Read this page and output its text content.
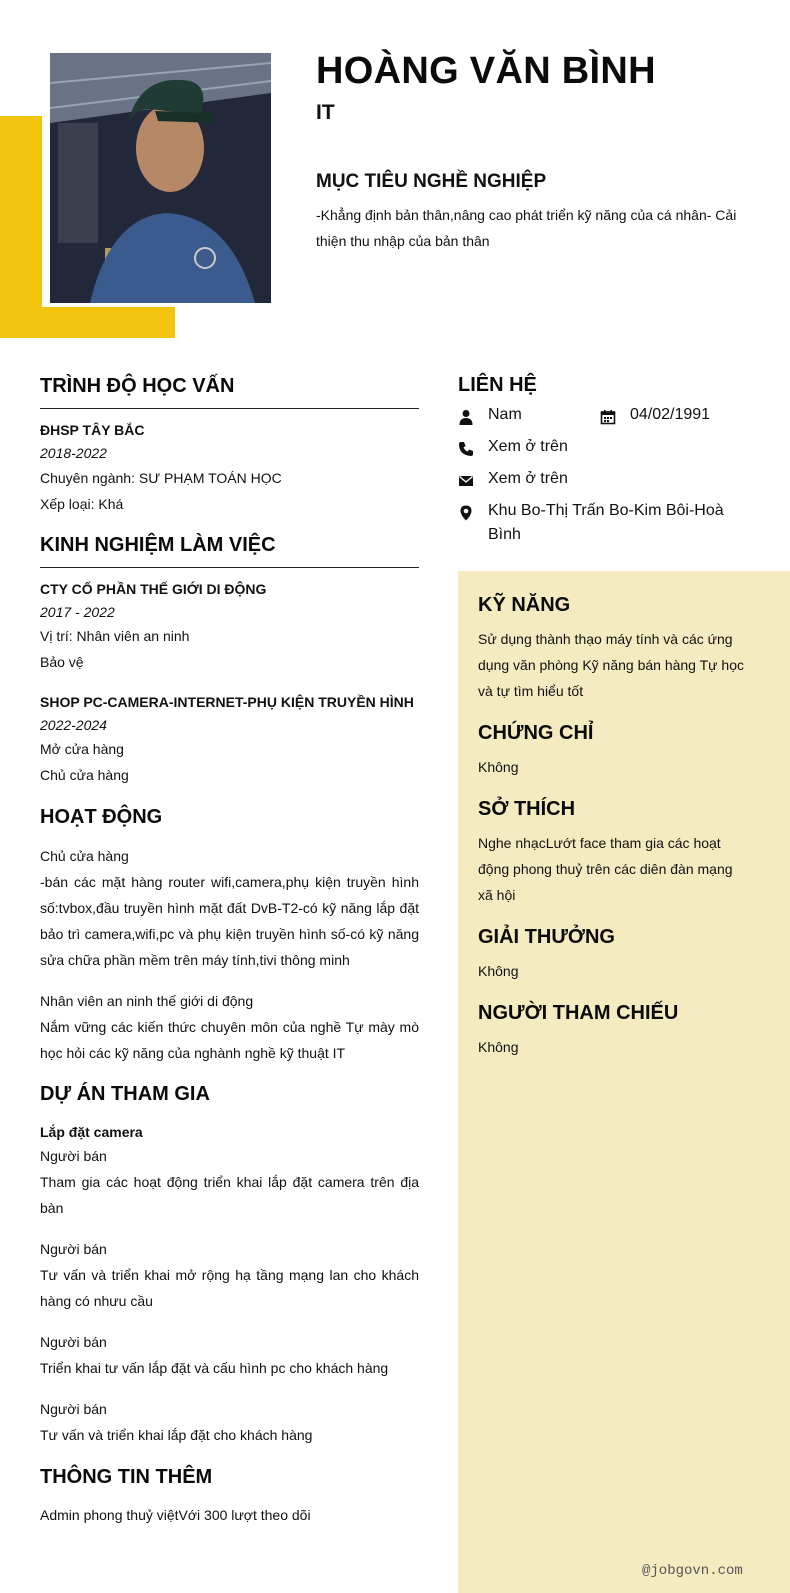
HOÀNG VĂN BÌNH
IT
MỤC TIÊU NGHỀ NGHIỆP

-Khẳng định bản thân,nâng cao phát triển kỹ năng của cá nhân- Cải thiện thu nhập của bản thân

TRÌNH ĐỘ HỌC VẤN

ĐHSP TÂY BẮC

2018-2022

Chuyên ngành: SƯ PHẠM TOÁN HỌC

Xếp loại: Khá

KINH NGHIỆM LÀM VIỆC

CTY CỔ PHẦN THẾ GIỚI DI ĐỘNG

2017 - 2022

Vị trí: Nhân viên an ninh

Bảo vệ

SHOP PC-CAMERA-INTERNET-PHỤ KIỆN TRUYỀN HÌNH

2022-2024

Mở cửa hàng

Chủ cửa hàng

HOẠT ĐỘNG

Chủ cửa hàng

-bán các mặt hàng router wifi,camera,phụ kiện truyền hình số:tvbox,đầu truyền hình mặt đất DvB-T2-có kỹ năng lắp đặt bảo trì camera,wifi,pc và phụ kiện truyền hình số-có kỹ năng sửa chữa phần mềm trên máy tính,tivi thông minh

Nhân viên an ninh thế giới di động

Nắm vững các kiến thức chuyên môn của nghề Tự mày mò học hỏi các kỹ năng của nghành nghề kỹ thuật IT

DỰ ÁN THAM GIA

Lắp đặt camera

Người bán

Tham gia các hoạt động triển khai lắp đặt camera trên địa bàn

Người bán

Tư vấn và triển khai mở rộng hạ tầng mạng lan cho khách hàng có nhưu cầu

Người bán

Triển khai tư vấn lắp đặt và cấu hình pc cho khách hàng

Người bán

Tư vấn và triển khai lắp đặt cho khách hàng

THÔNG TIN THÊM

Admin phong thuỷ việtVới 300 lượt theo dõi

LIÊN HỆ
Nam	04/02/1991
Xem ở trên
Xem ở trên
Khu Bo-Thị Trấn Bo-Kim Bôi-Hoà Bình
KỸ NĂNG

Sử dụng thành thạo máy tính và các ứng dụng văn phòng Kỹ năng bán hàng Tự học và tự tìm hiểu tốt

CHỨNG CHỈ

Không

SỞ THÍCH

Nghe nhạcLướt face tham gia các hoạt động phong thuỷ trên các diên đàn mạng xã hội

GIẢI THƯỞNG

Không

NGƯỜI THAM CHIẾU

Không

@jobgovn.com
